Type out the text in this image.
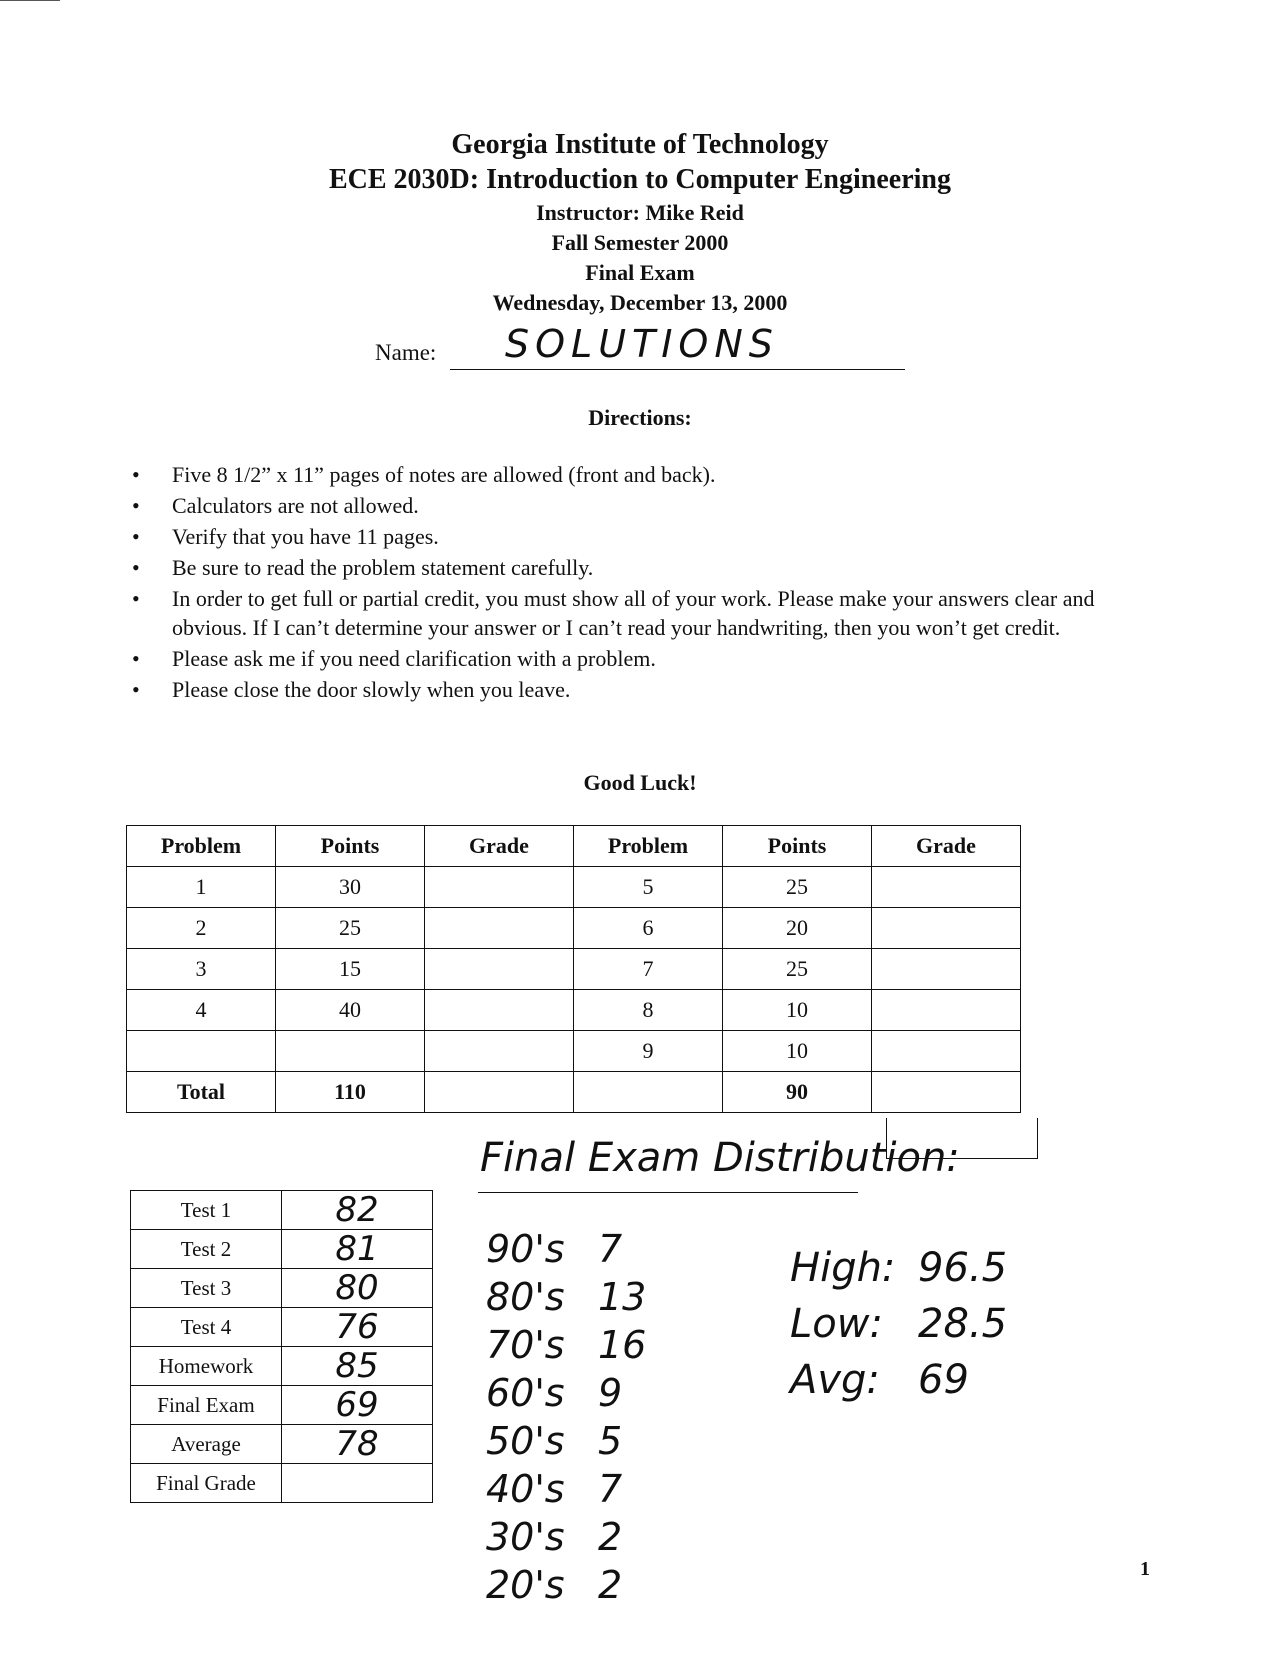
Georgia Institute of Technology
ECE 2030D: Introduction to Computer Engineering
Instructor: Mike Reid
Fall Semester 2000
Final Exam
Wednesday, December 13, 2000
Name: SOLUTIONS
Directions:
• Five 8 1/2” x 11” pages of notes are allowed (front and back).
• Calculators are not allowed.
• Verify that you have 11 pages.
• Be sure to read the problem statement carefully.
• In order to get full or partial credit, you must show all of your work. Please make your answers clear and obvious. If I can’t determine your answer or I can’t read your handwriting, then you won’t get credit.
• Please ask me if you need clarification with a problem.
• Please close the door slowly when you leave.
Good Luck!
Problem	Points	Grade	Problem	Points	Grade
1	30		5	25	
2	25		6	20	
3	15		7	25	
4	40		8	10	
			9	10	
Total	110			90	
Test 1	82
Test 2	81
Test 3	80
Test 4	76
Homework	85
Final Exam	69
Average	78
Final Grade	
Final Exam Distribution:
90's 7
80's 13
70's 16
60's 9
50's 5
40's 7
30's 2
20's 2
High: 96.5
Low: 28.5
Avg: 69
1
